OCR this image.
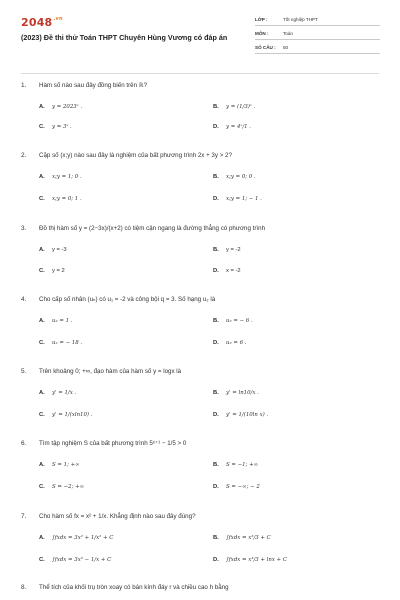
$2048^{.vn}$
(2023) Đề thi thử Toán THPT Chuyên Hùng Vương có đáp án
LỚP :	Tốt nghiệp THPT
MÔN :	Toán
SỐ CÂU : 50
1. Hàm số nào sau đây đồng biến trên ℝ?
A. y = 2023ˣ .	B. y = (1/3)ˣ .
C. y = 3ˣ .	D. y = 4ˣ/1 .
2. Cặp số (x;y) nào sau đây là nghiệm của bất phương trình 2x + 3y > 2?
A. x;y = 1; 0 .	B. x;y = 0; 0 .
C. x;y = 0; 1 .	D. x;y = 1; − 1 .
3. Đồ thị hàm số y = (2−3x)/(x+2) có tiệm cận ngang là đường thẳng có phương trình
A. y = -3	B. y = -2
C. y = 2	D. x = -2
4. Cho cấp số nhân (uₙ) có u₁ = -2 và công bội q = 3. Số hạng u₂ là
A. u₂ = 1 .	B. u₂ = − 6 .
C. u₂ = − 18 .	D. u₂ = 6 .
5. Trên khoảng 0; +∞, đạo hàm của hàm số y = logx là
A. y' = 1/x .	B. y' = ln10/x .
C. y' = 1/(xln10) .	D. y' = 1/(10ln x) .
6. Tìm tập nghiệm S của bất phương trình 5ˣ⁺¹ − 1/5 > 0
A. S = 1; +∞	B. S = −1; +∞
C. S = −2; +∞	D. S = −∞; − 2
7. Cho hàm số fx = x² + 1/x. Khẳng định nào sau đây đúng?
A. ∫fxdx = 3x² + 1/x² + C	B. ∫fxdx = x³/3 + C
C. ∫fxdx = 3x² − 1/x + C	D. ∫fxdx = x³/3 + lnx + C
8. Thể tích của khối trụ tròn xoay có bán kính đáy r và chiều cao h bằng
